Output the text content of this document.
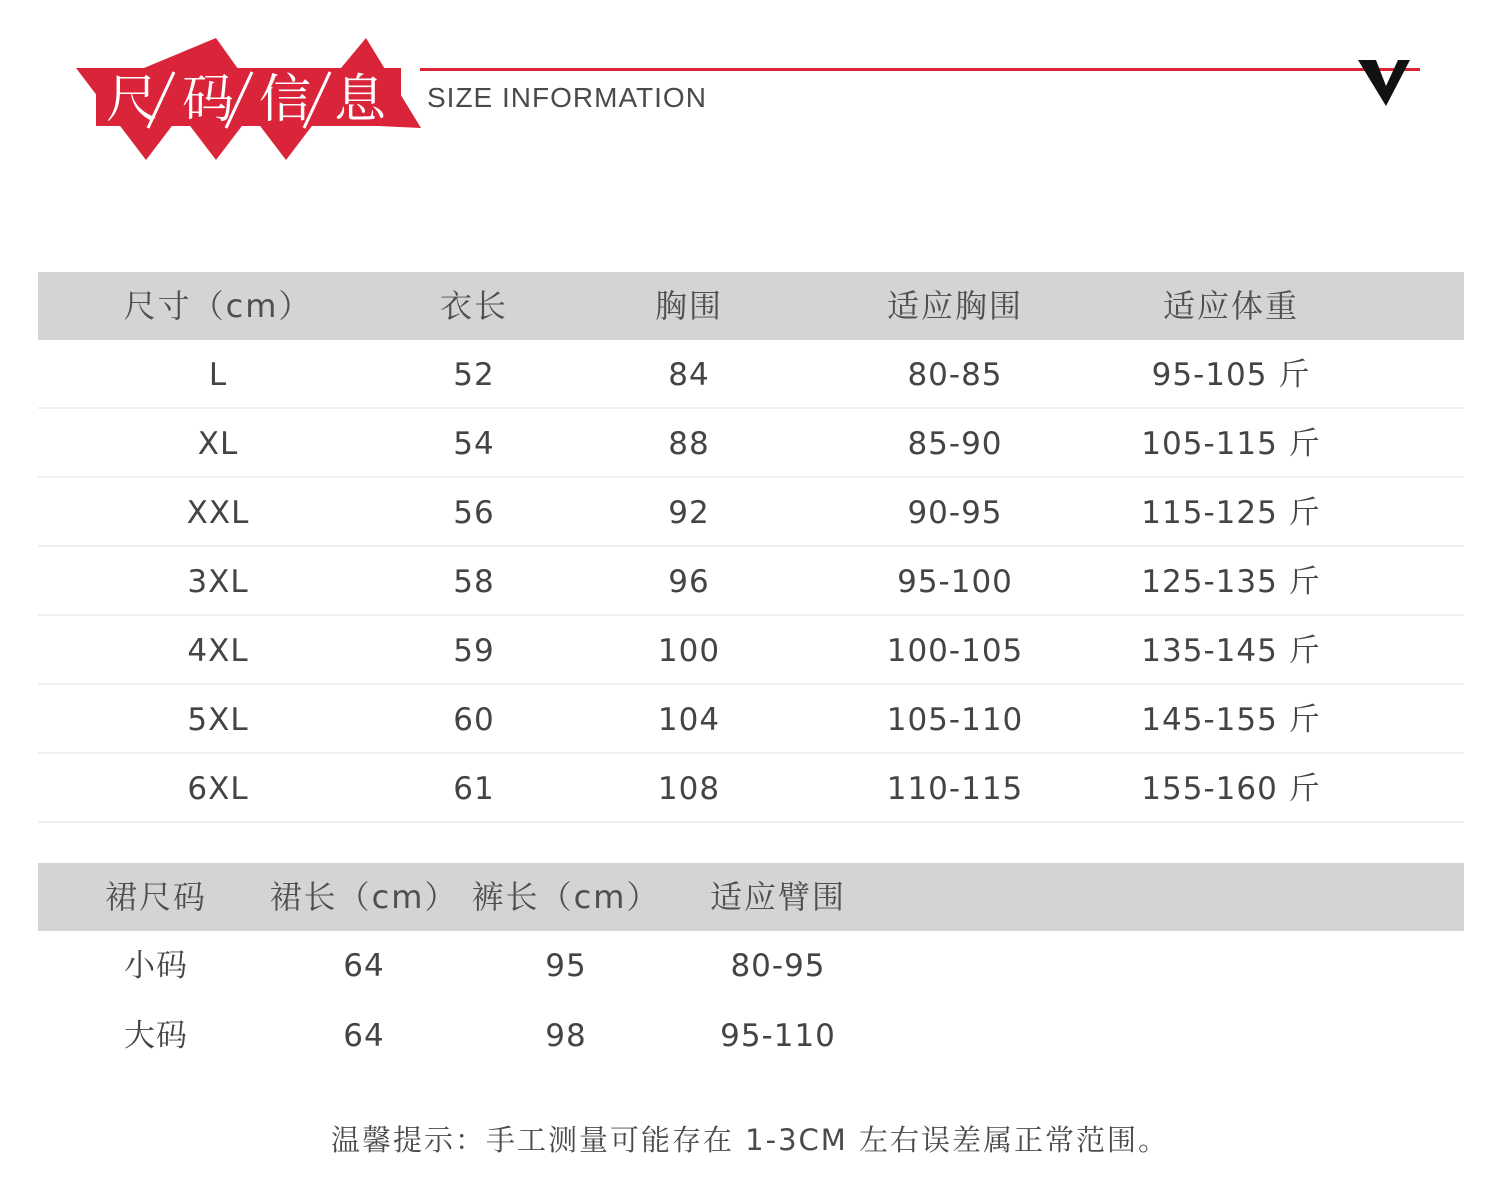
尺 码 信 息 SIZE INFORMATION
尺寸（cm）	衣长	胸围	适应胸围	适应体重
L	52	84	80-85	95-105 斤
XL	54	88	85-90	105-115 斤
XXL	56	92	90-95	115-125 斤
3XL	58	96	95-100	125-135 斤
4XL	59	100	100-105	135-145 斤
5XL	60	104	105-110	145-155 斤
6XL	61	108	110-115	155-160 斤
裙尺码 裙长（cm） 裤长（cm） 适应臂围
小码	64	95	80-95
大码	64	98	95-110
温馨提示：手工测量可能存在 1-3CM 左右误差属正常范围。
